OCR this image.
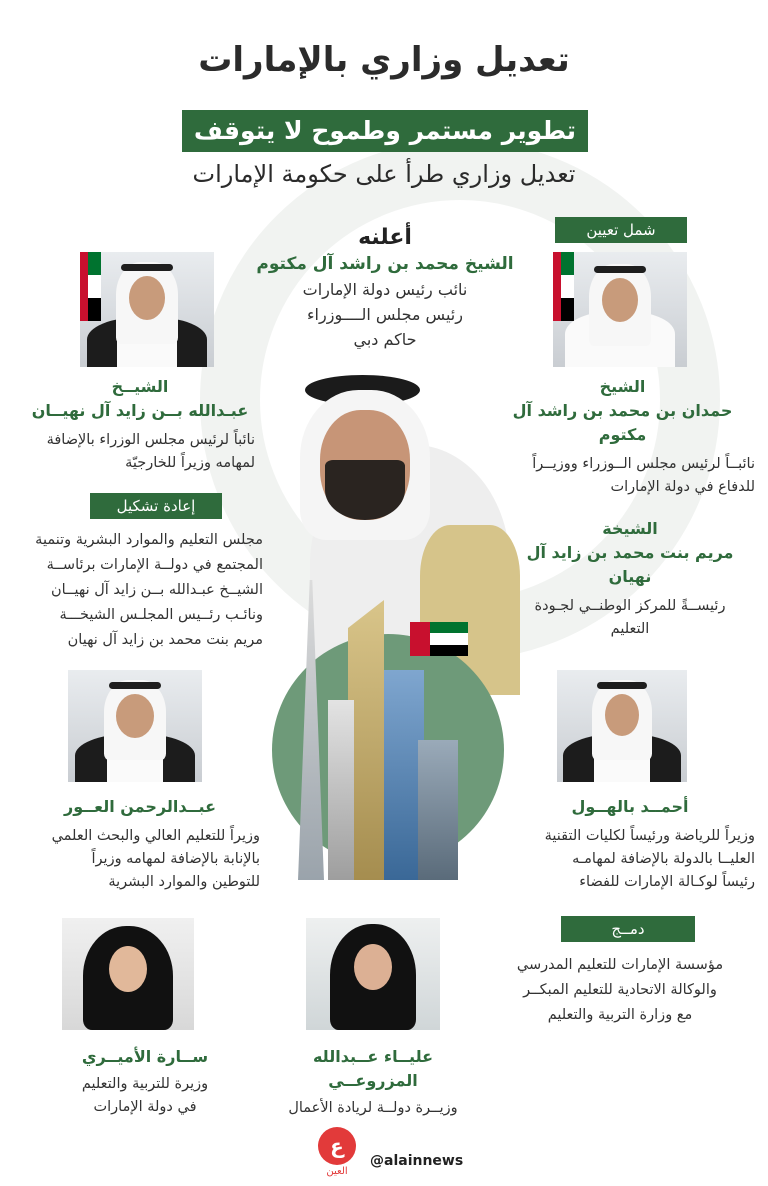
تعديل وزاري بالإمارات
تطوير مستمر وطموح لا يتوقف
تعديل وزاري طرأ على حكومة الإمارات
أعلنه
الشيخ محمد بن راشد آل مكتوم
نائب رئيس دولة الإمارات
رئيس مجلس الــــوزراء
حاكم دبي
شمل تعيين
الشيخ
حمدان بن محمد بن راشد آل مكتوم
نائبــاً لرئيس مجلس الــوزراء ووزيــراً
للدفاع في دولة الإمارات
الشيــخ
عبـدالله بــن زايد آل نهيــان
نائباً لرئيس مجلس الوزراء بالإضافة
لمهامه وزيراً للخارجيّة
إعادة تشكيل
مجلس التعليم والموارد البشرية وتنمية
المجتمع في دولــة الإمارات برئاســة
الشيــخ عبـدالله بــن زايد آل نهيــان
ونائـب رئــيس المجلـس الشيخـــة
مريم بنت محمد بن زايد آل نهيان
الشيخة
مريم بنت محمد بن زايد آل نهيان
رئيســةً للمركز الوطنــي لجـودة
التعليم
عبــدالرحمن العــور
وزيراً للتعليم العالي والبحث العلمي
بالإنابة بالإضافة لمهامه وزيراً
للتوطين والموارد البشرية
أحمــد بالهــول
وزيراً للرياضة ورئيساً لكليات التقنية
العليــا بالدولة بالإضافة لمهامـه
رئيساً لوكـالة الإمارات للفضاء
دمــج
مؤسسة الإمارات للتعليم المدرسي
والوكالة الاتحادية للتعليم المبكــر
مع وزارة التربية والتعليم
ســارة الأميــري
وزيرة للتربية والتعليم
في دولة الإمارات
عليــاء عــبدالله المزروعــي
وزيــرة دولــة لريادة الأعمال
ع
العين
@alainnews
